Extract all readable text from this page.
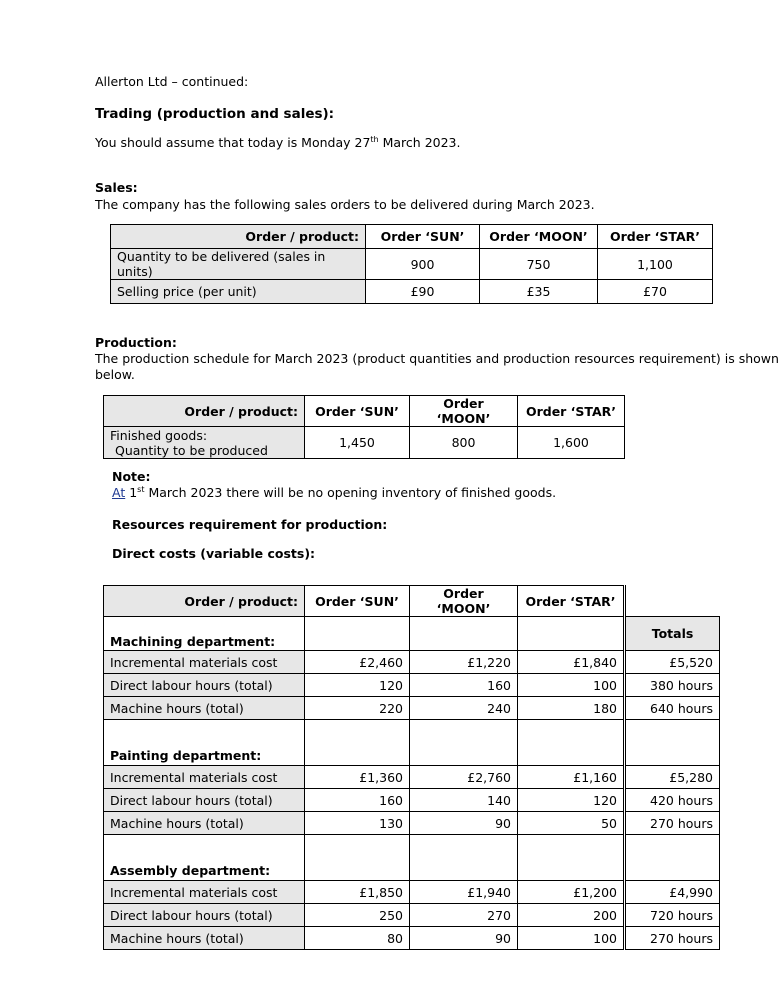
Allerton Ltd – continued:
Trading (production and sales):
You should assume that today is Monday 27th March 2023.
Sales:
The company has the following sales orders to be delivered during March 2023.
Order / product:	Order ‘SUN’	Order ‘MOON’	Order ‘STAR’
Quantity to be delivered (sales in units)	900	750	1,100
Selling price (per unit)	£90	£35	£70
Production:
The production schedule for March 2023 (product quantities and production resources requirement) is shown
below.
Order / product:	Order ‘SUN’	Order ‘MOON’	Order ‘STAR’

Finished goods:
Quantity to be produced	1,450	800	1,600
Note:
At 1st March 2023 there will be no opening inventory of finished goods.
Resources requirement for production:
Direct costs (variable costs):
Order / product:	Order ‘SUN’	Order ‘MOON’	Order ‘STAR’	
Machining department:				Totals
Incremental materials cost	£2,460	£1,220	£1,840	£5,520
Direct labour hours (total)	120	160	100	380 hours
Machine hours (total)	220	240	180	640 hours
Painting department:				
Incremental materials cost	£1,360	£2,760	£1,160	£5,280
Direct labour hours (total)	160	140	120	420 hours
Machine hours (total)	130	90	50	270 hours
Assembly department:				
Incremental materials cost	£1,850	£1,940	£1,200	£4,990
Direct labour hours (total)	250	270	200	720 hours
Machine hours (total)	80	90	100	270 hours
